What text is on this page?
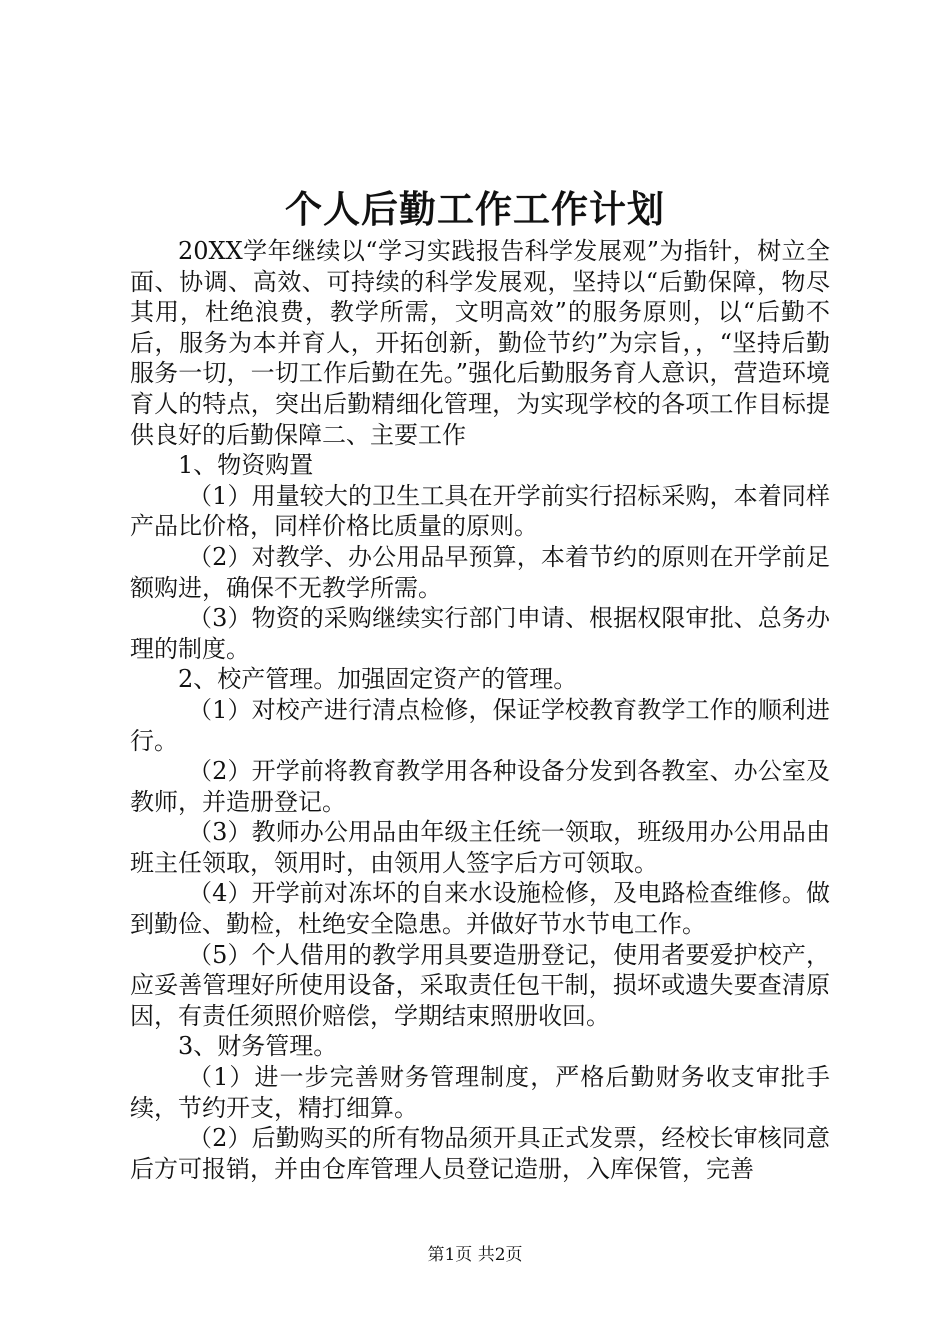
个人后勤工作工作计划

20XX学年继续以“学习实践报告科学发展观”为指针，树立全面、协调、高效、可持续的科学发展观，坚持以“后勤保障，物尽其用，杜绝浪费，教学所需，文明高效”的服务原则，以“后勤不后，服务为本并育人，开拓创新，勤俭节约”为宗旨，，“坚持后勤服务一切，一切工作后勤在先。”强化后勤服务育人意识，营造环境育人的特点，突出后勤精细化管理，为实现学校的各项工作目标提供良好的后勤保障二、主要工作

1、物资购置

（1）用量较大的卫生工具在开学前实行招标采购，本着同样产品比价格，同样价格比质量的原则。

（2）对教学、办公用品早预算，本着节约的原则在开学前足额购进，确保不无教学所需。

（3）物资的采购继续实行部门申请、根据权限审批、总务办理的制度。

2、校产管理。加强固定资产的管理。

（1）对校产进行清点检修，保证学校教育教学工作的顺利进行。

（2）开学前将教育教学用各种设备分发到各教室、办公室及教师，并造册登记。

（3）教师办公用品由年级主任统一领取，班级用办公用品由班主任领取，领用时，由领用人签字后方可领取。

（4）开学前对冻坏的自来水设施检修，及电路检查维修。做到勤俭、勤检，杜绝安全隐患。并做好节水节电工作。

（5）个人借用的教学用具要造册登记，使用者要爱护校产，应妥善管理好所使用设备，采取责任包干制，损坏或遗失要查清原因，有责任须照价赔偿，学期结束照册收回。

3、财务管理。

（1）进一步完善财务管理制度，严格后勤财务收支审批手续，节约开支，精打细算。

（2）后勤购买的所有物品须开具正式发票，经校长审核同意后方可报销，并由仓库管理人员登记造册，入库保管，完善

第1页 共2页
